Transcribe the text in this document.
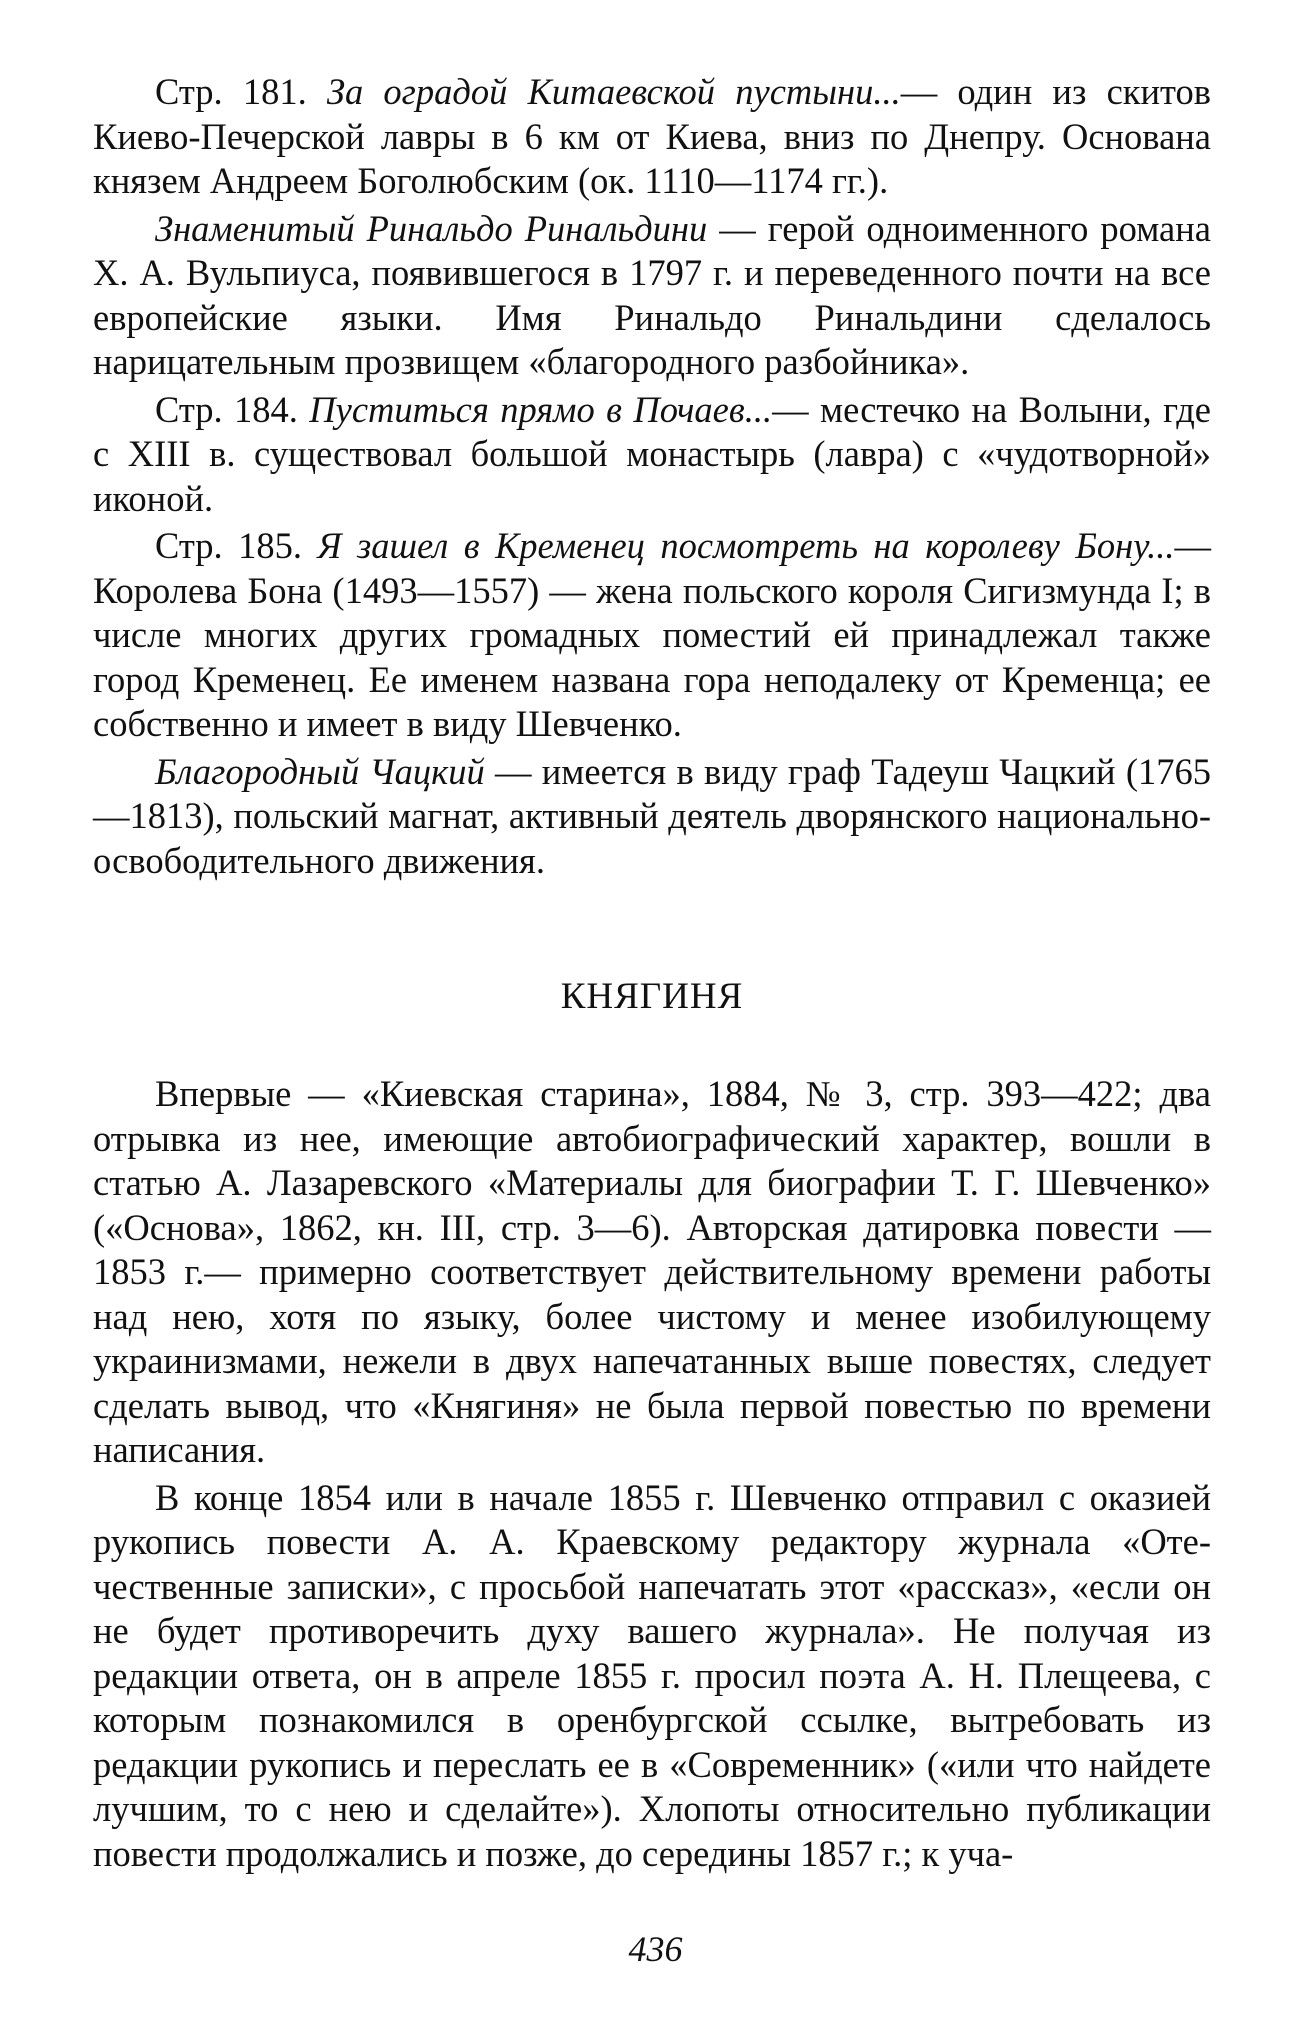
Стр. 181. За оградой Китаевской пустыни...— один из скитов Киево-Печерской лавры в 6 км от Киева, вниз по Днепру. Основана князем Андреем Боголюбским (ок. 1110—1174 гг.).

Знаменитый Ринальдо Ринальдини — герой одноименного романа X. А. Вульпиуса, появившегося в 1797 г. и переведенного почти на все европейские языки. Имя Ринальдо Ринальдини сделалось нарицательным прозвищем «благородного разбойника».

Стр. 184. Пуститься прямо в Почаев...— местечко на Волыни, где с XIII в. существовал большой монастырь (лавра) с «чудотворной» иконой.

Стр. 185. Я зашел в Кременец посмотреть на королеву Бону...— Королева Бона (1493—1557) — жена польского короля Сигизмунда I; в числе многих других громадных поместий ей принадлежал также город Кременец. Ее именем названа гора неподалеку от Кременца; ее собственно и имеет в виду Шевченко.

Благородный Чацкий — имеется в виду граф Тадеуш Чацкий (1765—1813), польский магнат, активный деятель дворянского национально-освободительного движения.

КНЯГИНЯ

Впервые — «Киевская старина», 1884, № 3, стр. 393—422; два отрывка из нее, имеющие автобиографический характер, вошли в статью А. Лазаревского «Материалы для биографии Т. Г. Шевченко» («Основа», 1862, кн. III, стр. 3—6). Авторская датировка повести — 1853 г.— примерно соответствует действительному времени работы над нею, хотя по языку, более чистому и менее изобилующему украинизмами, нежели в двух напечатанных выше повестях, следует сделать вывод, что «Княгиня» не была первой повестью по времени написания.

В конце 1854 или в начале 1855 г. Шевченко отправил с оказией рукопись повести А. А. Краевскому редактору журнала «Отечественные записки», с просьбой напечатать этот «рассказ», «если он не будет противоречить духу вашего журнала». Не получая из редакции ответа, он в апреле 1855 г. просил поэта А. Н. Плещеева, с которым познакомился в оренбургской ссылке, вытребовать из редакции рукопись и переслать ее в «Современник» («или что найдете лучшим, то с нею и сделайте»). Хлопоты относительно публикации повести продолжались и позже, до середины 1857 г.; к уча-

436
